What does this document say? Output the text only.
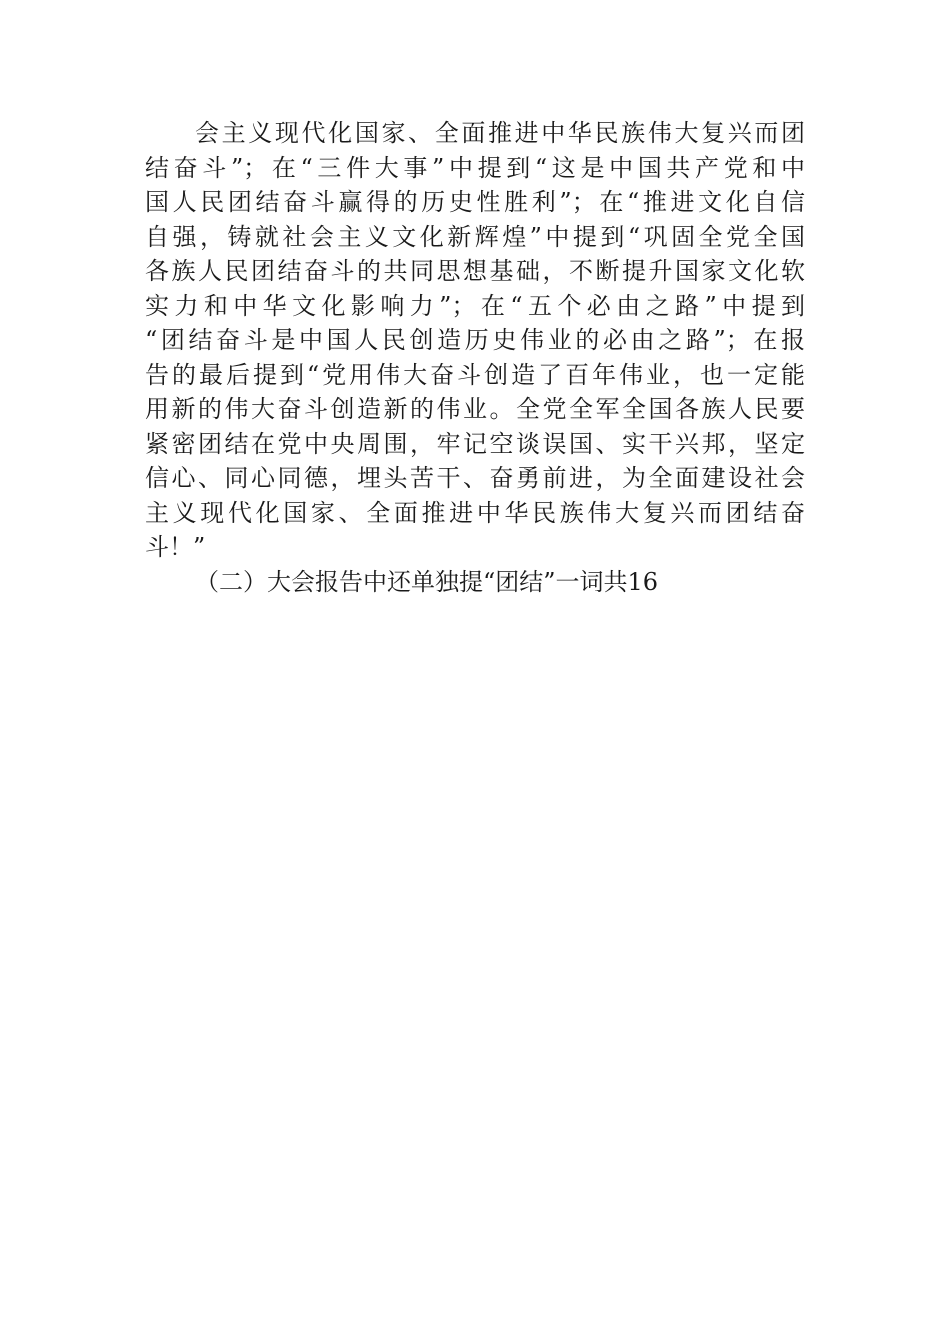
会主义现代化国家、全面推进中华民族伟大复兴而团
结奋斗”；在“三件大事”中提到“这是中国共产党和中
国人民团结奋斗赢得的历史性胜利”；在“推进文化自信
自强，铸就社会主义文化新辉煌”中提到“巩固全党全国
各族人民团结奋斗的共同思想基础，不断提升国家文化软
实力和中华文化影响力”；在“五个必由之路”中提到
“团结奋斗是中国人民创造历史伟业的必由之路”；在报
告的最后提到“党用伟大奋斗创造了百年伟业，也一定能
用新的伟大奋斗创造新的伟业。全党全军全国各族人民要
紧密团结在党中央周围，牢记空谈误国、实干兴邦，坚定
信心、同心同德，埋头苦干、奋勇前进，为全面建设社会
主义现代化国家、全面推进中华民族伟大复兴而团结奋
斗！”
（二）大会报告中还单独提“团结”一词共16
